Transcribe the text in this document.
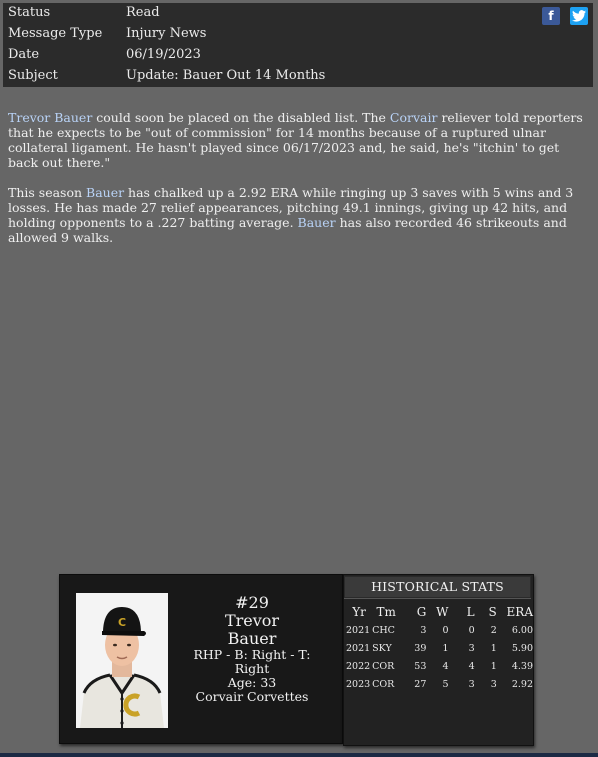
Status	Read
Message Type	Injury News
Date	06/19/2023
Subject	Update: Bauer Out 14 Months
f

Trevor Bauer could soon be placed on the disabled list. The Corvair reliever told reporters that he expects to be "out of commission" for 14 months because of a ruptured ulnar collateral ligament. He hasn't played since 06/17/2023 and, he said, he's "itchin' to get back out there."

This season Bauer has chalked up a 2.92 ERA while ringing up 3 saves with 5 wins and 3 losses. He has made 27 relief appearances, pitching 49.1 innings, giving up 42 hits, and holding opponents to a .227 batting average. Bauer has also recorded 46 strikeouts and allowed 9 walks.

C
#29
Trevor
Bauer
RHP - B: Right - T: Right
Age: 33
Corvair Corvettes
HISTORICAL STATS
Yr	Tm	G	W	L	S	ERA
2021	CHC	3	0	0	2	6.00
2021	SKY	39	1	3	1	5.90
2022	COR	53	4	4	1	4.39
2023	COR	27	5	3	3	2.92
